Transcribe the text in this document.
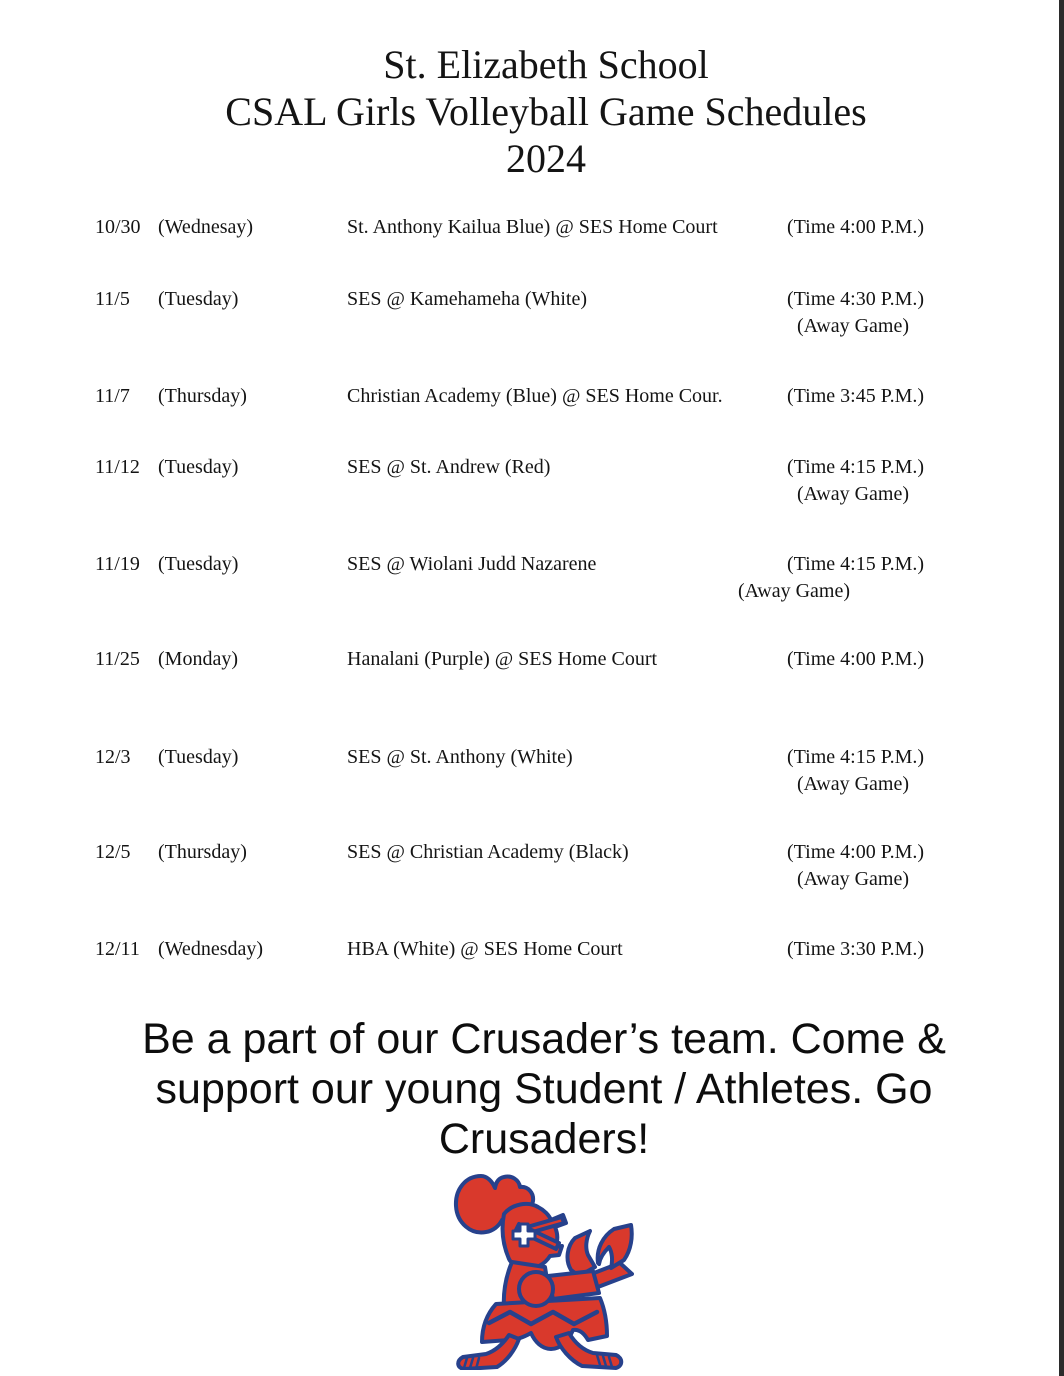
St. Elizabeth School
CSAL Girls Volleyball Game Schedules
2024
10/30 (Wednesay)	St. Anthony Kailua Blue) @ SES Home Court	(Time 4:00 P.M.)
11/5 (Tuesday)	SES @ Kamehameha (White)	(Time 4:30 P.M.)
(Away Game)
11/7 (Thursday)	Christian Academy (Blue) @ SES Home Cour.	(Time 3:45 P.M.)
11/12 (Tuesday)	SES @ St. Andrew (Red)	(Time 4:15 P.M.)
(Away Game)
11/19 (Tuesday)	SES @ Wiolani Judd Nazarene	(Time 4:15 P.M.)
(Away Game)
11/25 (Monday)	Hanalani (Purple) @ SES Home Court	(Time 4:00 P.M.)
12/3 (Tuesday)	SES @ St. Anthony (White)	(Time 4:15 P.M.)
(Away Game)
12/5 (Thursday)	SES @ Christian Academy (Black)	(Time 4:00 P.M.)
(Away Game)
12/11 (Wednesday)	HBA (White) @ SES Home Court	(Time 3:30 P.M.)
Be a part of our Crusader’s team. Come & support our young Student / Athletes. Go Crusaders!
